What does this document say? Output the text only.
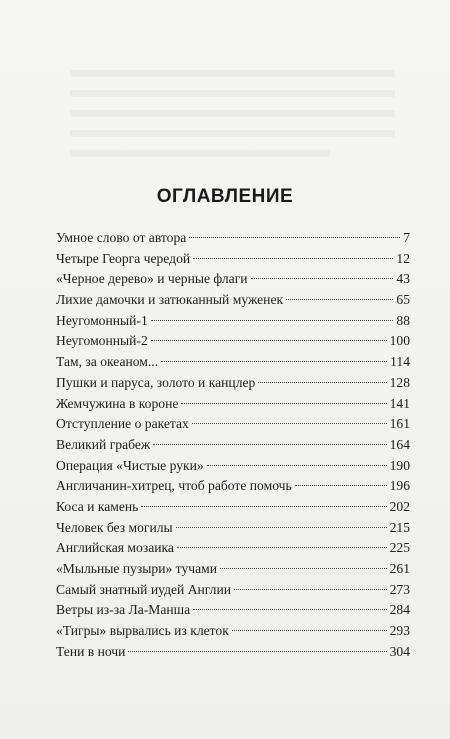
ОГЛАВЛЕНИЕ
Умное слово от автора	7
Четыре Георга чередой	12
«Черное дерево» и черные флаги	43
Лихие дамочки и затюканный муженек	65
Неугомонный-1	88
Неугомонный-2	100
Там, за океаном...	114
Пушки и паруса, золото и канцлер	128
Жемчужина в короне	141
Отступление о ракетах	161
Великий грабеж	164
Операция «Чистые руки»	190
Англичанин-хитрец, чтоб работе помочь	196
Коса и камень	202
Человек без могилы	215
Английская мозаика	225
«Мыльные пузыри» тучами	261
Самый знатный иудей Англии	273
Ветры из-за Ла-Манша	284
«Тигры» вырвались из клеток	293
Тени в ночи	304
